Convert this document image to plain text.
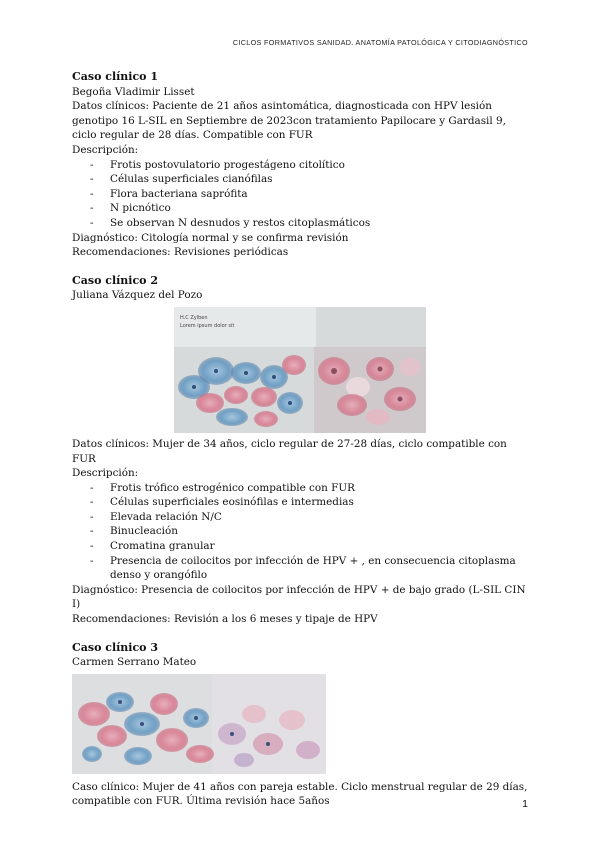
CICLOS FORMATIVOS SANIDAD. ANATOMÍA PATOLÓGICA Y CITODIAGNÓSTICO

Caso clínico 1

Begoña Vladimir Lisset

Datos clínicos: Paciente de 21 años asintomática, diagnosticada con HPV lesión genotipo 16 L-SIL en Septiembre de 2023con tratamiento Papilocare y Gardasil 9, ciclo regular de 28 días. Compatible con FUR

Descripción:

- Frotis postovulatorio progestágeno citolítico
- Células superficiales cianófilas
- Flora bacteriana saprófita
- N picnótico
- Se observan N desnudos y restos citoplasmáticos

Diagnóstico: Citología normal y se confirma revisión

Recomendaciones: Revisiones periódicas

Caso clínico 2

Juliana Vázquez del Pozo

H.C Zylben
Lorem ipsum dolor sit

Datos clínicos: Mujer de 34 años, ciclo regular de 27-28 días, ciclo compatible con FUR

Descripción:

- Frotis trófico estrogénico compatible con FUR
- Células superficiales eosinófilas e intermedias
- Elevada relación N/C
- Binucleación
- Cromatina granular
- Presencia de coilocitos por infección de HPV + , en consecuencia citoplasma denso y orangófilo

Diagnóstico: Presencia de coilocitos por infección de HPV + de bajo grado (L-SIL CIN I)

Recomendaciones: Revisión a los 6 meses y tipaje de HPV

Caso clínico 3

Carmen Serrano Mateo

Caso clínico: Mujer de 41 años con pareja estable. Ciclo menstrual regular de 29 días, compatible con FUR. Última revisión hace 5años	1
